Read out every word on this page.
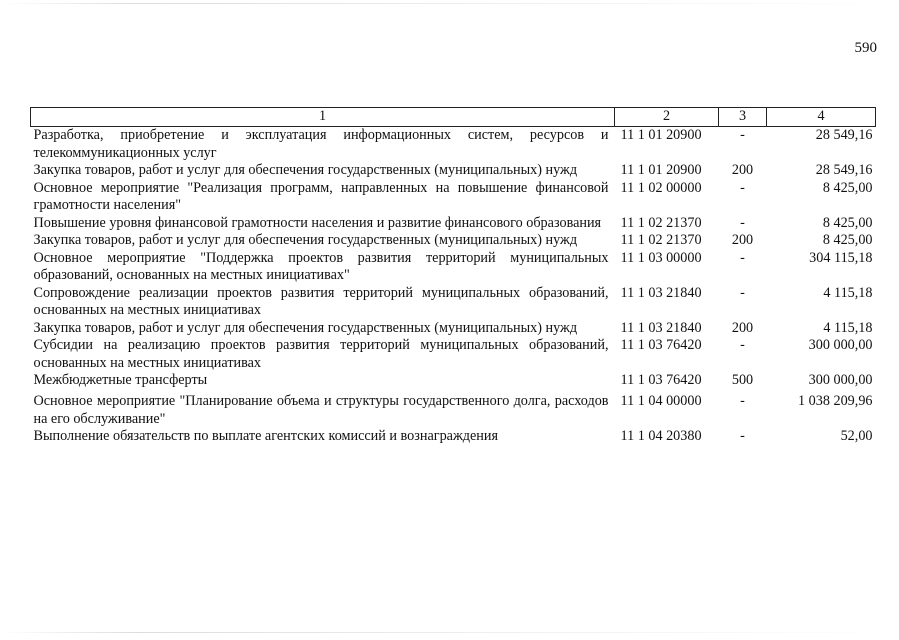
590
1	2	3	4
Разработка, приобретение и эксплуатация информационных систем, ресурсов и телекоммуникационных услуг	11 1 01 20900	-	28 549,16
Закупка товаров, работ и услуг для обеспечения государственных (муниципальных) нужд	11 1 01 20900	200	28 549,16
Основное мероприятие "Реализация программ, направленных на повышение финансовой грамотности населения"	11 1 02 00000	-	8 425,00
Повышение уровня финансовой грамотности населения и развитие финансового образования	11 1 02 21370	-	8 425,00
Закупка товаров, работ и услуг для обеспечения государственных (муниципальных) нужд	11 1 02 21370	200	8 425,00
Основное мероприятие "Поддержка проектов развития территорий муниципальных образований, основанных на местных инициативах"	11 1 03 00000	-	304 115,18
Сопровождение реализации проектов развития территорий муниципальных образований, основанных на местных инициативах	11 1 03 21840	-	4 115,18
Закупка товаров, работ и услуг для обеспечения государственных (муниципальных) нужд	11 1 03 21840	200	4 115,18
Субсидии на реализацию проектов развития территорий муниципальных образований, основанных на местных инициативах	11 1 03 76420	-	300 000,00
Межбюджетные трансферты	11 1 03 76420	500	300 000,00
Основное мероприятие "Планирование объема и структуры государственного долга, расходов на его обслуживание"	11 1 04 00000	-	1 038 209,96
Выполнение обязательств по выплате агентских комиссий и вознаграждения	11 1 04 20380	-	52,00
